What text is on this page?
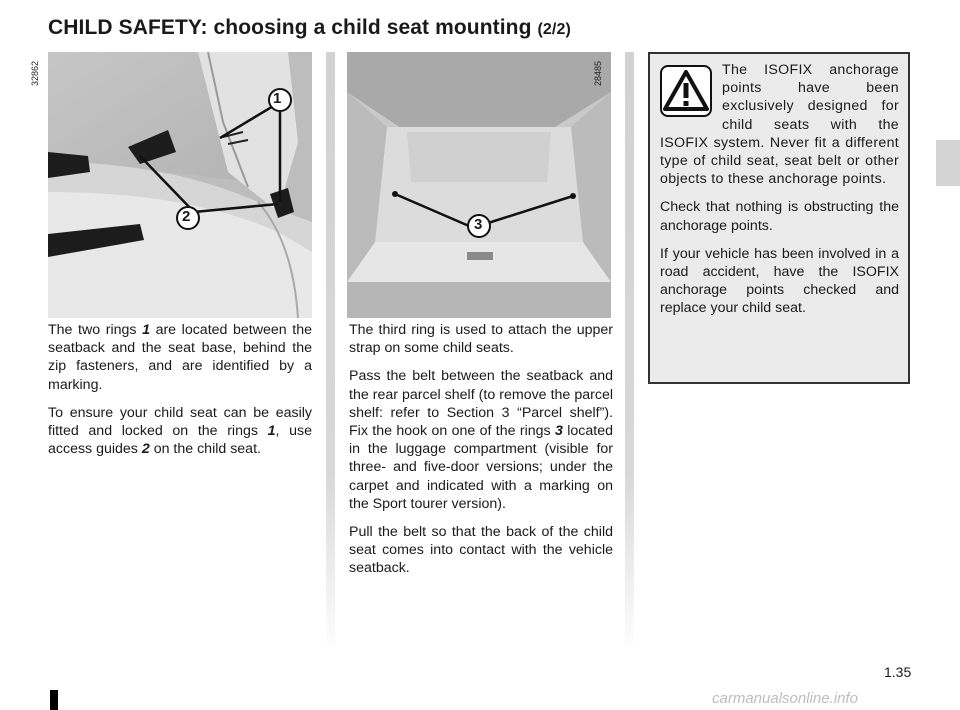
CHILD SAFETY: choosing a child seat mounting (2/2)
1
2
32862
3
28485

The two rings 1 are located between the seatback and the seat base, behind the zip fasteners, and are identified by a marking.

To ensure your child seat can be easily fitted and locked on the rings 1, use access guides 2 on the child seat.

The third ring is used to attach the upper strap on some child seats.

Pass the belt between the seatback and the rear parcel shelf (to remove the parcel shelf: refer to Section 3 “Parcel shelf”). Fix the hook on one of the rings 3 located in the luggage compartment (visible for three- and five-door versions; under the carpet and indicated with a marking on the Sport tourer version).

Pull the belt so that the back of the child seat comes into contact with the vehicle seatback.

The ISOFIX anchorage points have been exclusively designed for child seats with the ISOFIX system. Never fit a different type of child seat, seat belt or other objects to these anchorage points.

Check that nothing is obstructing the anchorage points.

If your vehicle has been involved in a road accident, have the ISOFIX anchorage points checked and replace your child seat.

1.35
carmanualsonline.info
